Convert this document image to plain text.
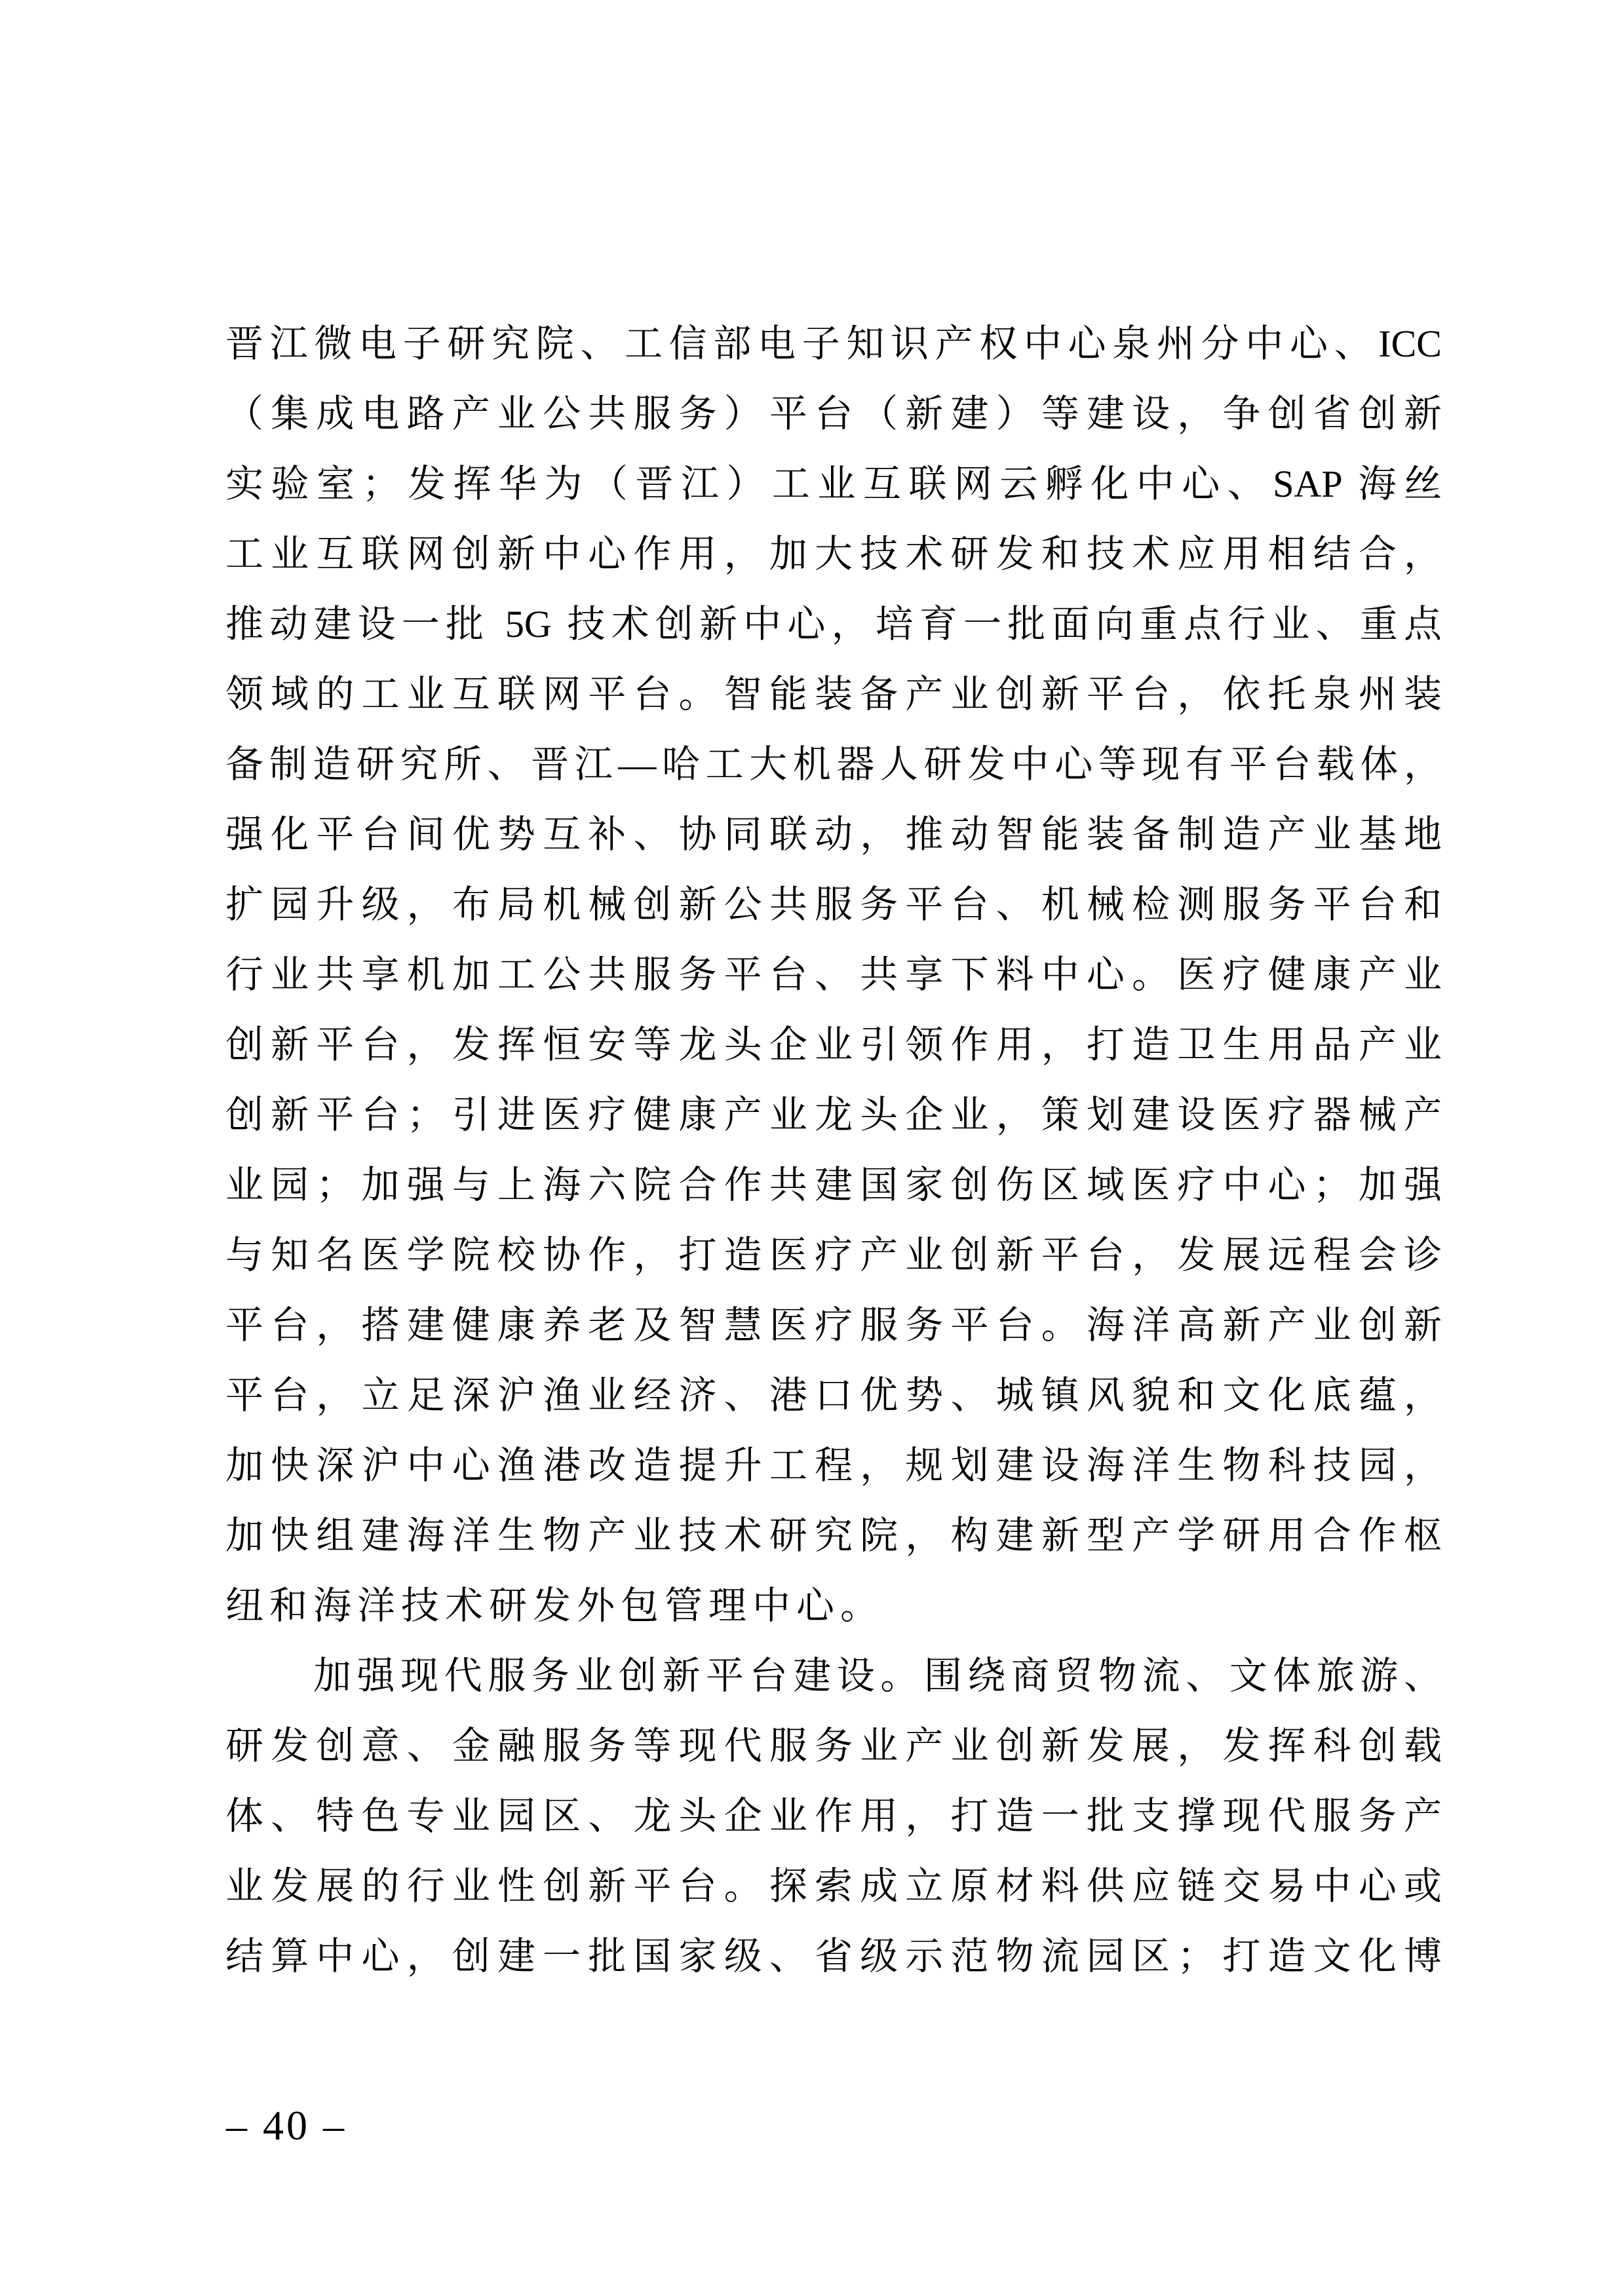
晋江微电子研究院、工信部电子知识产权中心泉州分中心、ICC
（集成电路产业公共服务）平台（新建）等建设，争创省创新
实验室；发挥华为（晋江）工业互联网云孵化中心、SAP 海丝
工业互联网创新中心作用，加大技术研发和技术应用相结合，
推动建设一批 5G 技术创新中心，培育一批面向重点行业、重点
领域的工业互联网平台。智能装备产业创新平台，依托泉州装
备制造研究所、晋江—哈工大机器人研发中心等现有平台载体，
强化平台间优势互补、协同联动，推动智能装备制造产业基地
扩园升级，布局机械创新公共服务平台、机械检测服务平台和
行业共享机加工公共服务平台、共享下料中心。医疗健康产业
创新平台，发挥恒安等龙头企业引领作用，打造卫生用品产业
创新平台；引进医疗健康产业龙头企业，策划建设医疗器械产
业园；加强与上海六院合作共建国家创伤区域医疗中心；加强
与知名医学院校协作，打造医疗产业创新平台，发展远程会诊
平台，搭建健康养老及智慧医疗服务平台。海洋高新产业创新
平台，立足深沪渔业经济、港口优势、城镇风貌和文化底蕴，
加快深沪中心渔港改造提升工程，规划建设海洋生物科技园，
加快组建海洋生物产业技术研究院，构建新型产学研用合作枢
纽和海洋技术研发外包管理中心。
加强现代服务业创新平台建设。围绕商贸物流、文体旅游、
研发创意、金融服务等现代服务业产业创新发展，发挥科创载
体、特色专业园区、龙头企业作用，打造一批支撑现代服务产
业发展的行业性创新平台。探索成立原材料供应链交易中心或
结算中心，创建一批国家级、省级示范物流园区；打造文化博
– 40 –
